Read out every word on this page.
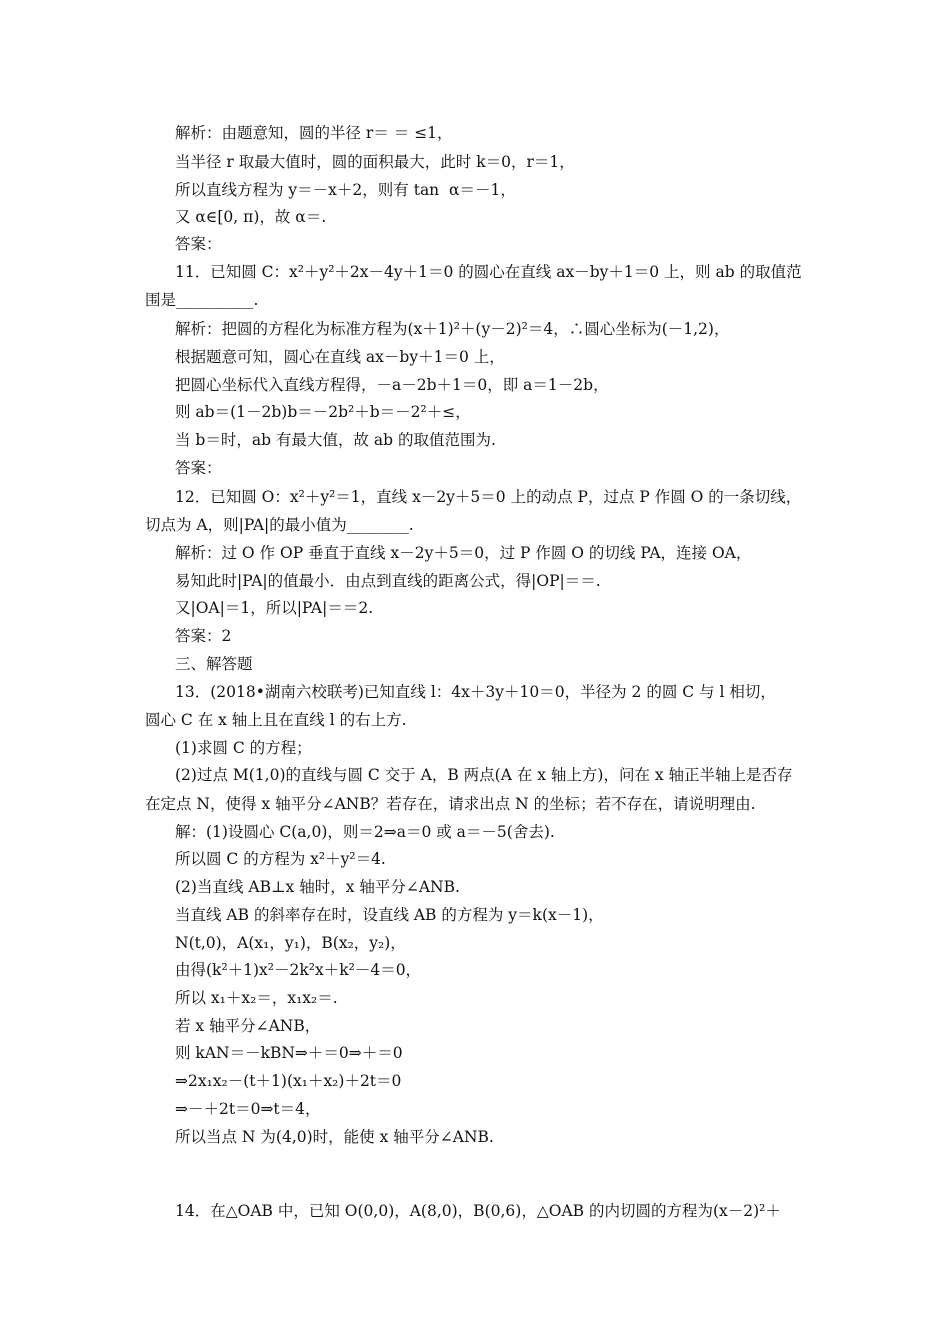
解析：由题意知，圆的半径 r＝ ＝ ≤1，
当半径 r 取最大值时，圆的面积最大，此时 k＝0，r＝1，
所以直线方程为 y＝－x＋2，则有 tan  α＝－1，
又 α∈[0, π)，故 α＝.
答案：
11．已知圆 C：x²＋y²＋2x－4y＋1＝0 的圆心在直线 ax－by＋1＝0 上，则 ab 的取值范
围是__________.
解析：把圆的方程化为标准方程为(x＋1)²＋(y－2)²＝4，∴圆心坐标为(－1,2)，
根据题意可知，圆心在直线 ax－by＋1＝0 上，
把圆心坐标代入直线方程得，－a－2b＋1＝0，即 a＝1－2b，
则 ab＝(1－2b)b＝－2b²＋b＝－2²＋≤，
当 b＝时，ab 有最大值，故 ab 的取值范围为.
答案：
12．已知圆 O：x²＋y²＝1，直线 x－2y＋5＝0 上的动点 P，过点 P 作圆 O 的一条切线，
切点为 A，则|PA|的最小值为________.
解析：过 O 作 OP 垂直于直线 x－2y＋5＝0，过 P 作圆 O 的切线 PA，连接 OA，
易知此时|PA|的值最小．由点到直线的距离公式，得|OP|＝＝.
又|OA|＝1，所以|PA|＝＝2.
答案：2
三、解答题
13．(2018•湖南六校联考)已知直线 l：4x＋3y＋10＝0，半径为 2 的圆 C 与 l 相切，
圆心 C 在 x 轴上且在直线 l 的右上方.
(1)求圆 C 的方程；
(2)过点 M(1,0)的直线与圆 C 交于 A，B 两点(A 在 x 轴上方)，问在 x 轴正半轴上是否存
在定点 N，使得 x 轴平分∠ANB？若存在，请求出点 N 的坐标；若不存在，请说明理由.
解：(1)设圆心 C(a,0)，则＝2⇒a＝0 或 a＝－5(舍去).
所以圆 C 的方程为 x²＋y²＝4.
(2)当直线 AB⊥x 轴时，x 轴平分∠ANB.
当直线 AB 的斜率存在时，设直线 AB 的方程为 y＝k(x－1)，
N(t,0)，A(x₁，y₁)，B(x₂，y₂)，
由得(k²＋1)x²－2k²x＋k²－4＝0，
所以 x₁＋x₂＝，x₁x₂＝.
若 x 轴平分∠ANB，
则 kAN＝－kBN⇒＋＝0⇒＋＝0
⇒2x₁x₂－(t＋1)(x₁＋x₂)＋2t＝0
⇒－＋2t＝0⇒t＝4，
所以当点 N 为(4,0)时，能使 x 轴平分∠ANB.
14．在△OAB 中，已知 O(0,0)，A(8,0)，B(0,6)，△OAB 的内切圆的方程为(x－2)²＋
